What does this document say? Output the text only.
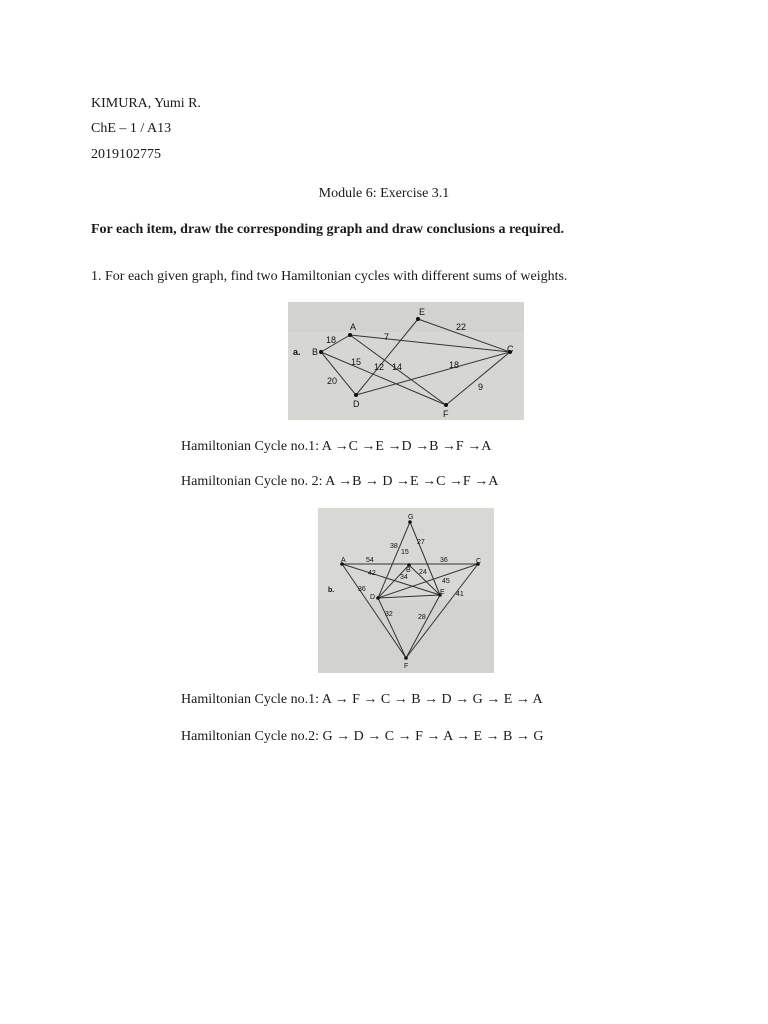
KIMURA, Yumi R.
ChE – 1 / A13
2019102775
Module 6: Exercise 3.1
For each item, draw the corresponding graph and draw conclusions a required.
1. For each given graph, find two Hamiltonian cycles with different sums of weights.
a.
A
B	C
D
E
F
18	7
22
15 12 14	18
20
9
Hamiltonian Cycle no.1: A →C →E →D →B →F →A
Hamiltonian Cycle no. 2: A →B → D →E →C →F →A
b.
G
A
B
C
D
E
F
38
27
15
54	36
42
34
24
45
36
41
32	28
Hamiltonian Cycle no.1: A → F → C → B → D → G → E → A
Hamiltonian Cycle no.2: G → D → C → F → A → E → B → G
